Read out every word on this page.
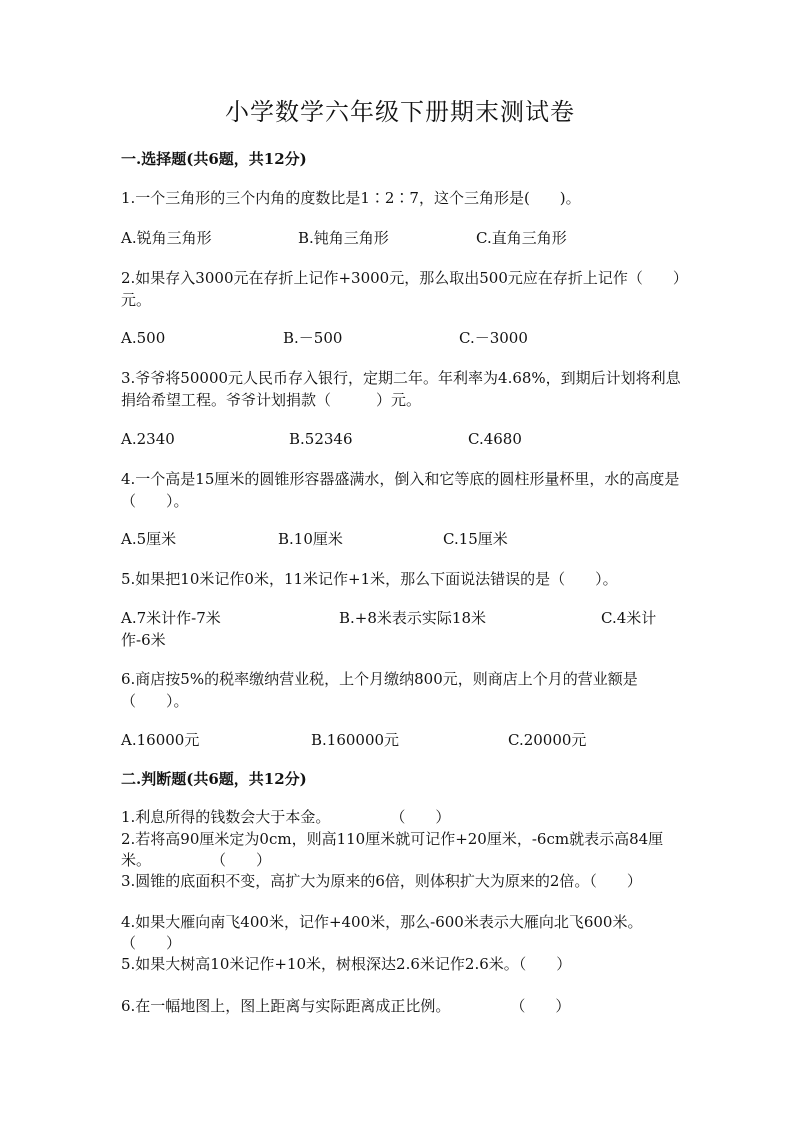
小学数学六年级下册期末测试卷
一.选择题(共6题，共12分)
1.一个三角形的三个内角的度数比是1∶2∶7，这个三角形是(　　)。
A.锐角三角形	B.钝角三角形	C.直角三角形
2.如果存入3000元在存折上记作+3000元，那么取出500元应在存折上记作（　　）元。
A.500	B.－500	C.－3000
3.爷爷将50000元人民币存入银行，定期二年。年利率为4.68%，到期后计划将利息捐给希望工程。爷爷计划捐款（　　　）元。
A.2340	B.52346	C.4680
4.一个高是15厘米的圆锥形容器盛满水，倒入和它等底的圆柱形量杯里，水的高度是（　　）。
A.5厘米	B.10厘米	C.15厘米
5.如果把10米记作0米，11米记作+1米，那么下面说法错误的是（　　）。
A.7米计作-7米	B.+8米表示实际18米	C.4米计作-6米
6.商店按5%的税率缴纳营业税，上个月缴纳800元，则商店上个月的营业额是（　　）。
A.16000元	B.160000元	C.20000元
二.判断题(共6题，共12分)
1.利息所得的钱数会大于本金。　　　　　（　　）
2.若将高90厘米定为0cm，则高110厘米就可记作+20厘米，-6cm就表示高84厘米。　　　　　（　　）
3.圆锥的底面积不变，高扩大为原来的6倍，则体积扩大为原来的2倍。（　　）
4.如果大雁向南飞400米，记作+400米，那么-600米表示大雁向北飞600米。　　　　　（　　）
5.如果大树高10米记作+10米，树根深达2.6米记作2.6米。（　　）
6.在一幅地图上，图上距离与实际距离成正比例。　　　　　（　　）
